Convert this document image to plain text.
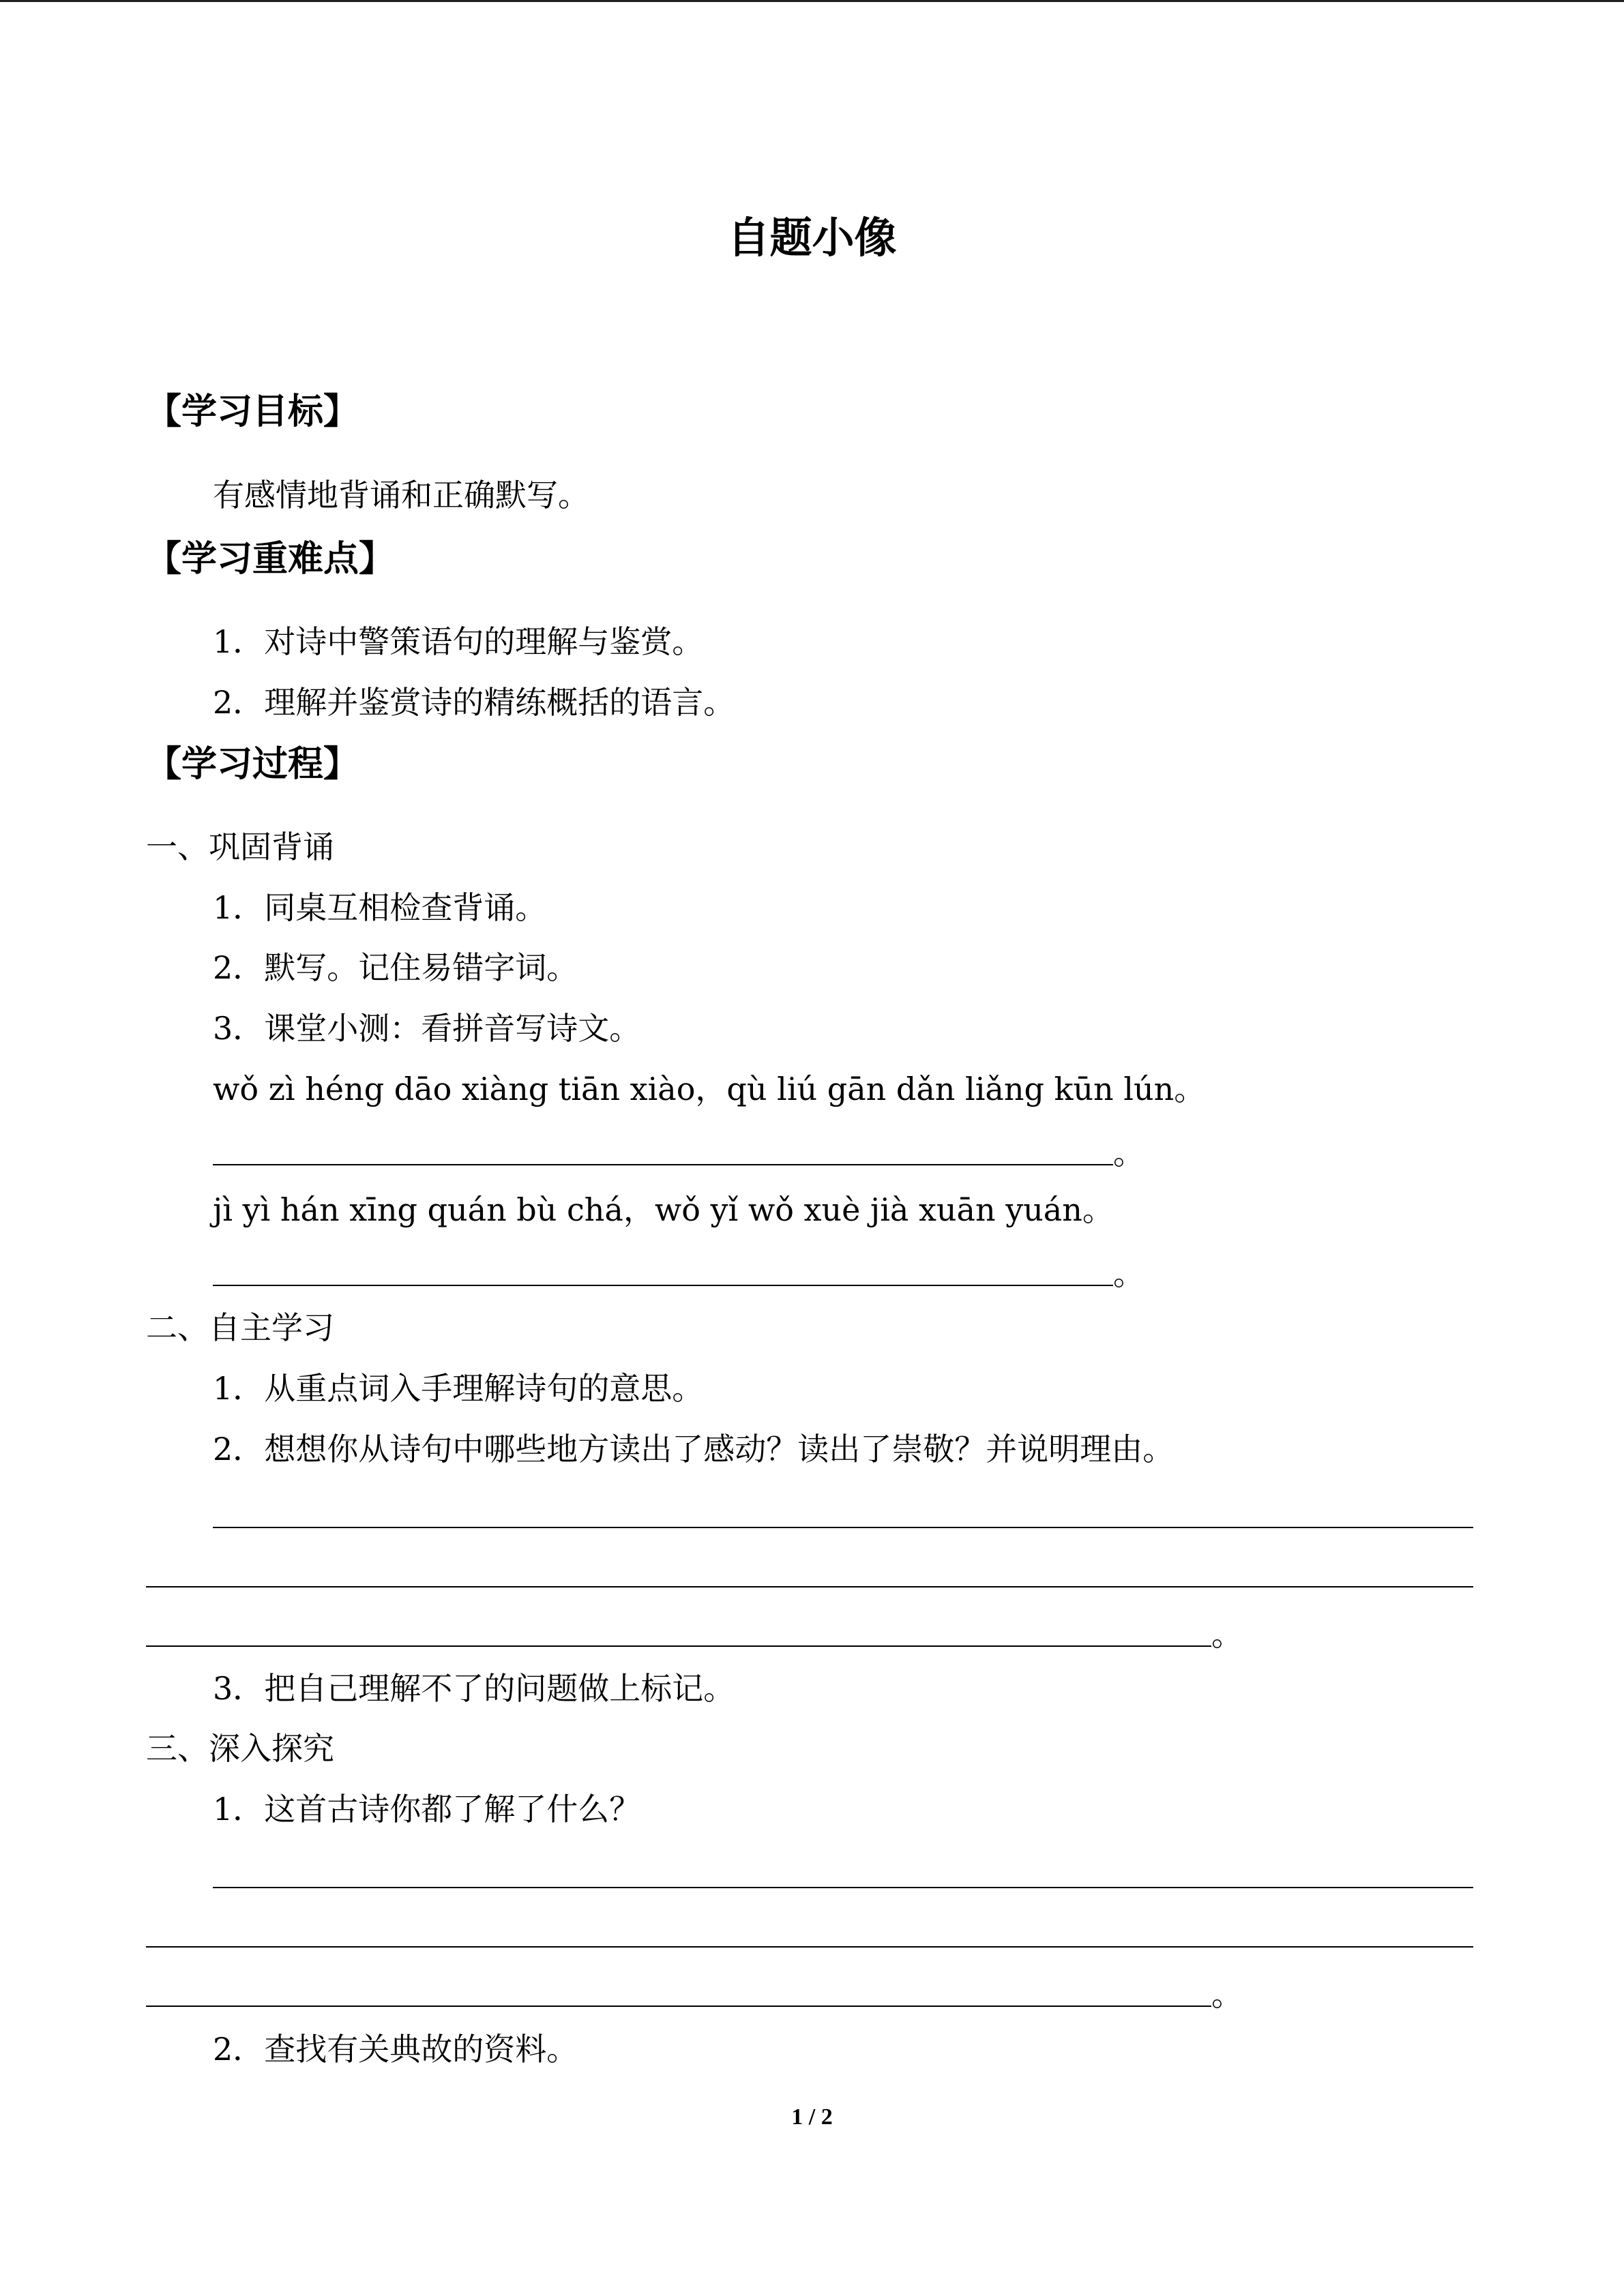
自题小像
【学习目标】
有感情地背诵和正确默写。
【学习重难点】
1．对诗中警策语句的理解与鉴赏。
2．理解并鉴赏诗的精练概括的语言。
【学习过程】
一、巩固背诵
1．同桌互相检查背诵。
2．默写。记住易错字词。
3．课堂小测：看拼音写诗文。
wǒ zì héng dāo xiàng tiān xiào，qù liú gān dǎn liǎng kūn lún。
。
jì yì hán xīng quán bù chá，wǒ yǐ wǒ xuè jià xuān yuán。
。
二、自主学习
1．从重点词入手理解诗句的意思。
2．想想你从诗句中哪些地方读出了感动？读出了崇敬？并说明理由。
。
3．把自己理解不了的问题做上标记。
三、深入探究
1．这首古诗你都了解了什么？
。
2．查找有关典故的资料。
1 / 2
